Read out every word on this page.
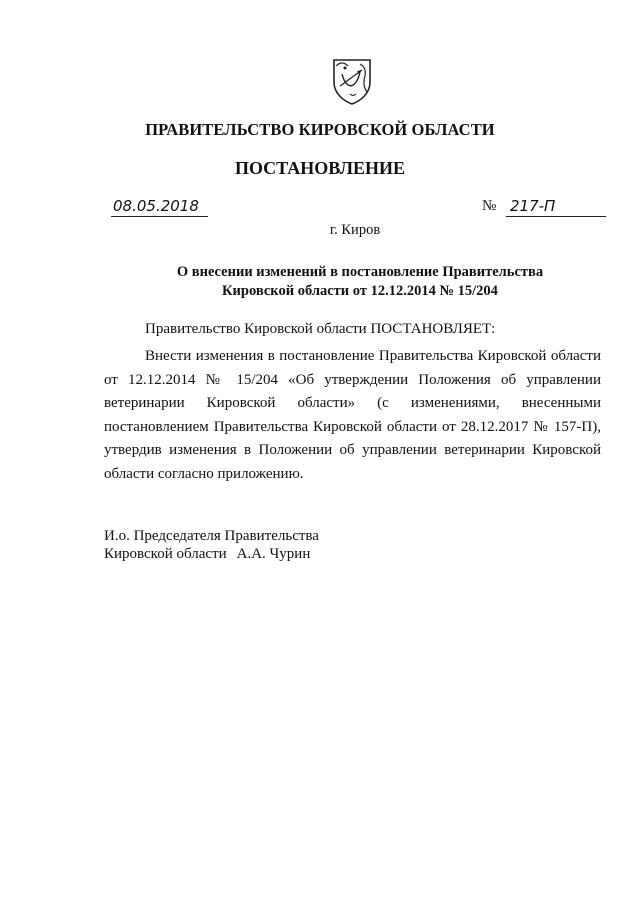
ПРАВИТЕЛЬСТВО КИРОВСКОЙ ОБЛАСТИ
ПОСТАНОВЛЕНИЕ
08.05.2018	№ 217-П
г. Киров
О внесении изменений в постановление Правительства
Кировской области от 12.12.2014 № 15/204
Правительство Кировской области ПОСТАНОВЛЯЕТ:

Внести изменения в постановление Правительства Кировской области от 12.12.2014 № 15/204 «Об утверждении Положения об управлении ветеринарии Кировской области» (с изменениями, внесенными постановлением Правительства Кировской области от 28.12.2017 № 157-П), утвердив изменения в Положении об управлении ветеринарии Кировской области согласно приложению.

И.о. Председателя Правительства
Кировской области А.А. Чурин
